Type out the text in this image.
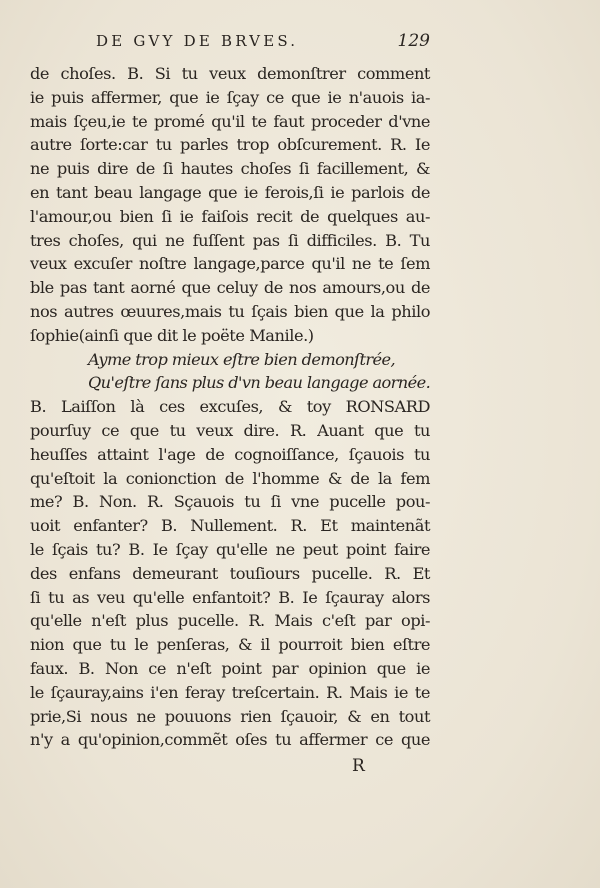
DE GVY DE BRVES.	129
de choſes. B. Si tu veux demonſtrer comment
ie puis affermer, que ie ſçay ce que ie n'auois ia-
mais ſçeu,ie te promé qu'il te faut proceder d'vne
autre ſorte:car tu parles trop obſcurement. R. Ie
ne puis dire de ſi hautes choſes ſi facillement, &
en tant beau langage que ie ferois,ſi ie parlois de
l'amour,ou bien ſi ie faiſois recit de quelques au-
tres choſes, qui ne fuſſent pas ſi difficiles. B. Tu
veux excuſer noſtre langage,parce qu'il ne te ſem
ble pas tant aorné que celuy de nos amours,ou de
nos autres œuures,mais tu ſçais bien que la philo
ſophie(ainſi que dit le poëte Manile.)
Ayme trop mieux eſtre bien demonſtrée,
Qu'eſtre ſans plus d'vn beau langage aornée.
B. Laiſſon là ces excuſes, & toy RONSARD
pourſuy ce que tu veux dire. R. Auant que tu
heuſſes attaint l'age de cognoiſſance, ſçauois tu
qu'eſtoit la conionction de l'homme & de la fem
me? B. Non. R. Sçauois tu ſi vne pucelle pou-
uoit enfanter? B. Nullement. R. Et maintenãt
le ſçais tu? B. Ie ſçay qu'elle ne peut point faire
des enfans demeurant touſiours pucelle. R. Et
ſi tu as veu qu'elle enfantoit? B. Ie ſçauray alors
qu'elle n'eſt plus pucelle. R. Mais c'eſt par opi-
nion que tu le penſeras, & il pourroit bien eſtre
faux. B. Non ce n'eſt point par opinion que ie
le ſçauray,ains i'en feray treſcertain. R. Mais ie te
prie,Si nous ne pouuons rien ſçauoir, & en tout
n'y a qu'opinion,commẽt oſes tu affermer ce que
R
